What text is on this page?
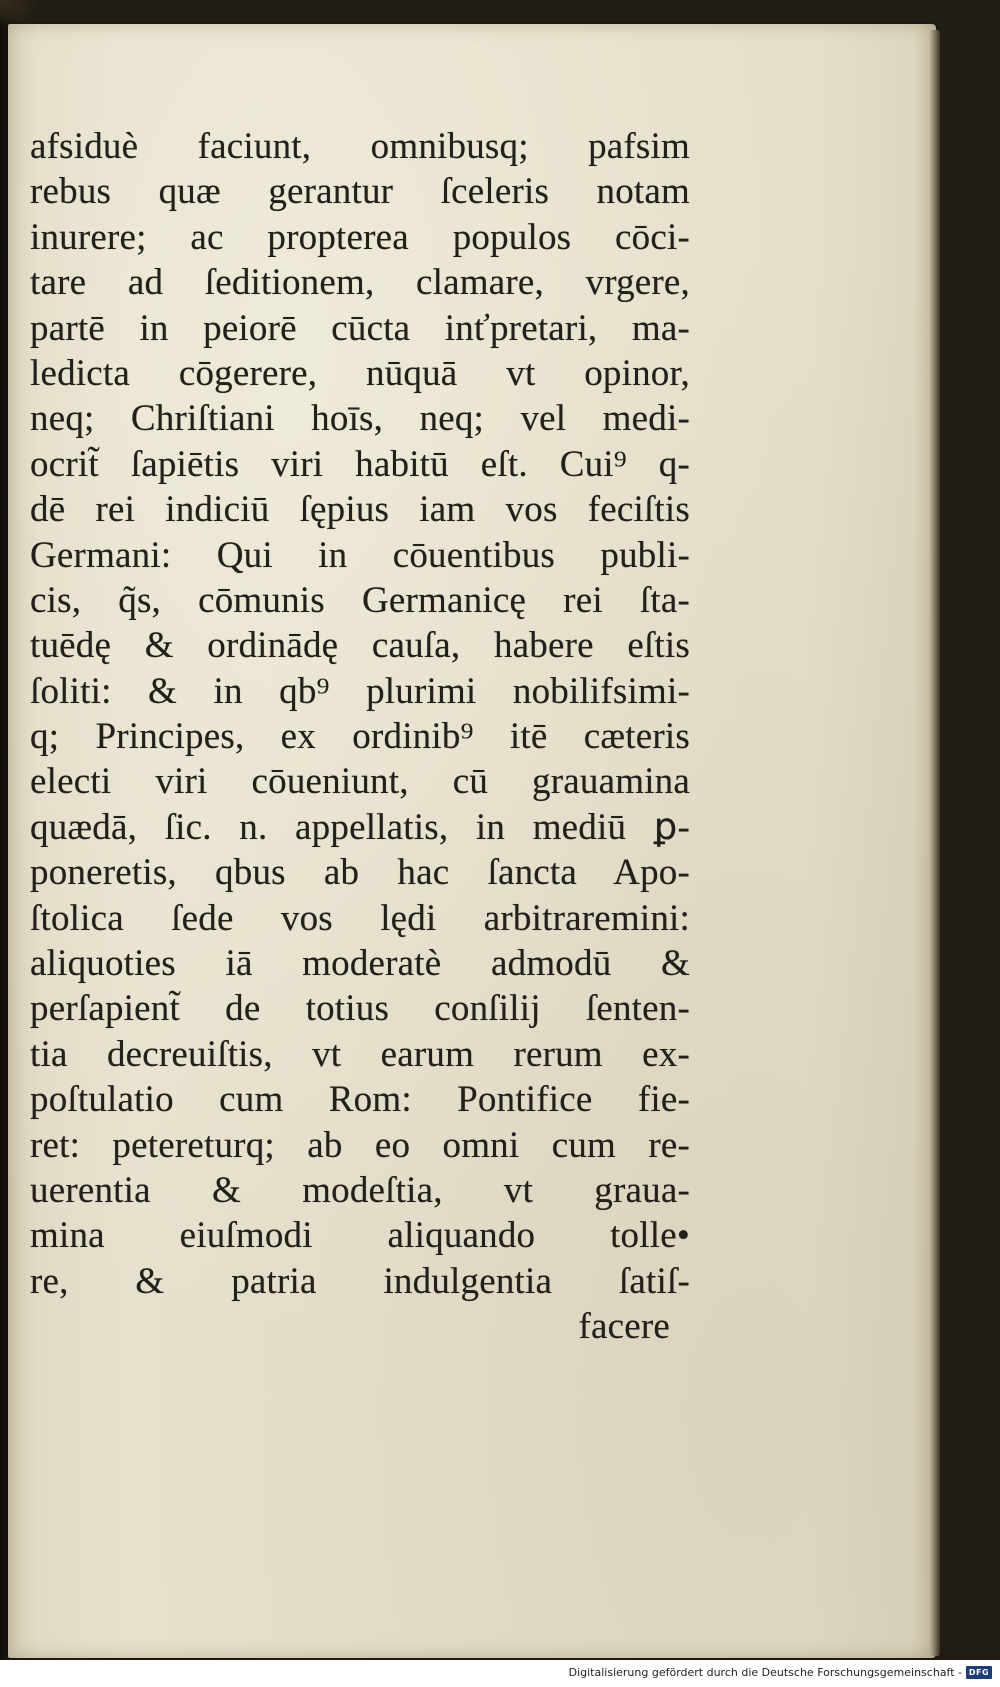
afsiduè faciunt, omnibusq; pafsim
rebus quæ gerantur ſceleris notam
inurere; ac propterea populos cōci-
tare ad ſeditionem, clamare, vrgere,
partē in peiorē cūcta inťpretari, ma-
ledicta cōgerere, nūquā vt opinor,
neq; Chriſtiani hoīs, neq; vel medi-
ocrit̃ ſapiētis viri habitū eſt. Cui⁹ q-
dē rei indiciū ſępius iam vos feciſtis
Germani: Qui in cōuentibus publi-
cis, q̃s, cōmunis Germanicę rei ſta-
tuēdę & ordinādę cauſa, habere eſtis
ſoliti: & in qb⁹ plurimi nobilifsimi-
q; Principes, ex ordinib⁹ itē cæteris
electi viri cōueniunt, cū grauamina
quædā, ſic. n. appellatis, in mediū ꝑ-
poneretis, qbus ab hac ſancta Apo-
ſtolica ſede vos lędi arbitraremini:
aliquoties iā moderatè admodū &
perſapient̃ de totius conſilij ſenten-
tia decreuiſtis, vt earum rerum ex-
poſtulatio cum Rom: Pontifice fie-
ret: petereturq; ab eo omni cum re-
uerentia & modeſtia, vt graua-
mina eiuſmodi aliquando tolle•
re, & patria indulgentia ſatiſ-
facere
Digitalisierung gefördert durch die Deutsche Forschungsgemeinschaft - DFG
